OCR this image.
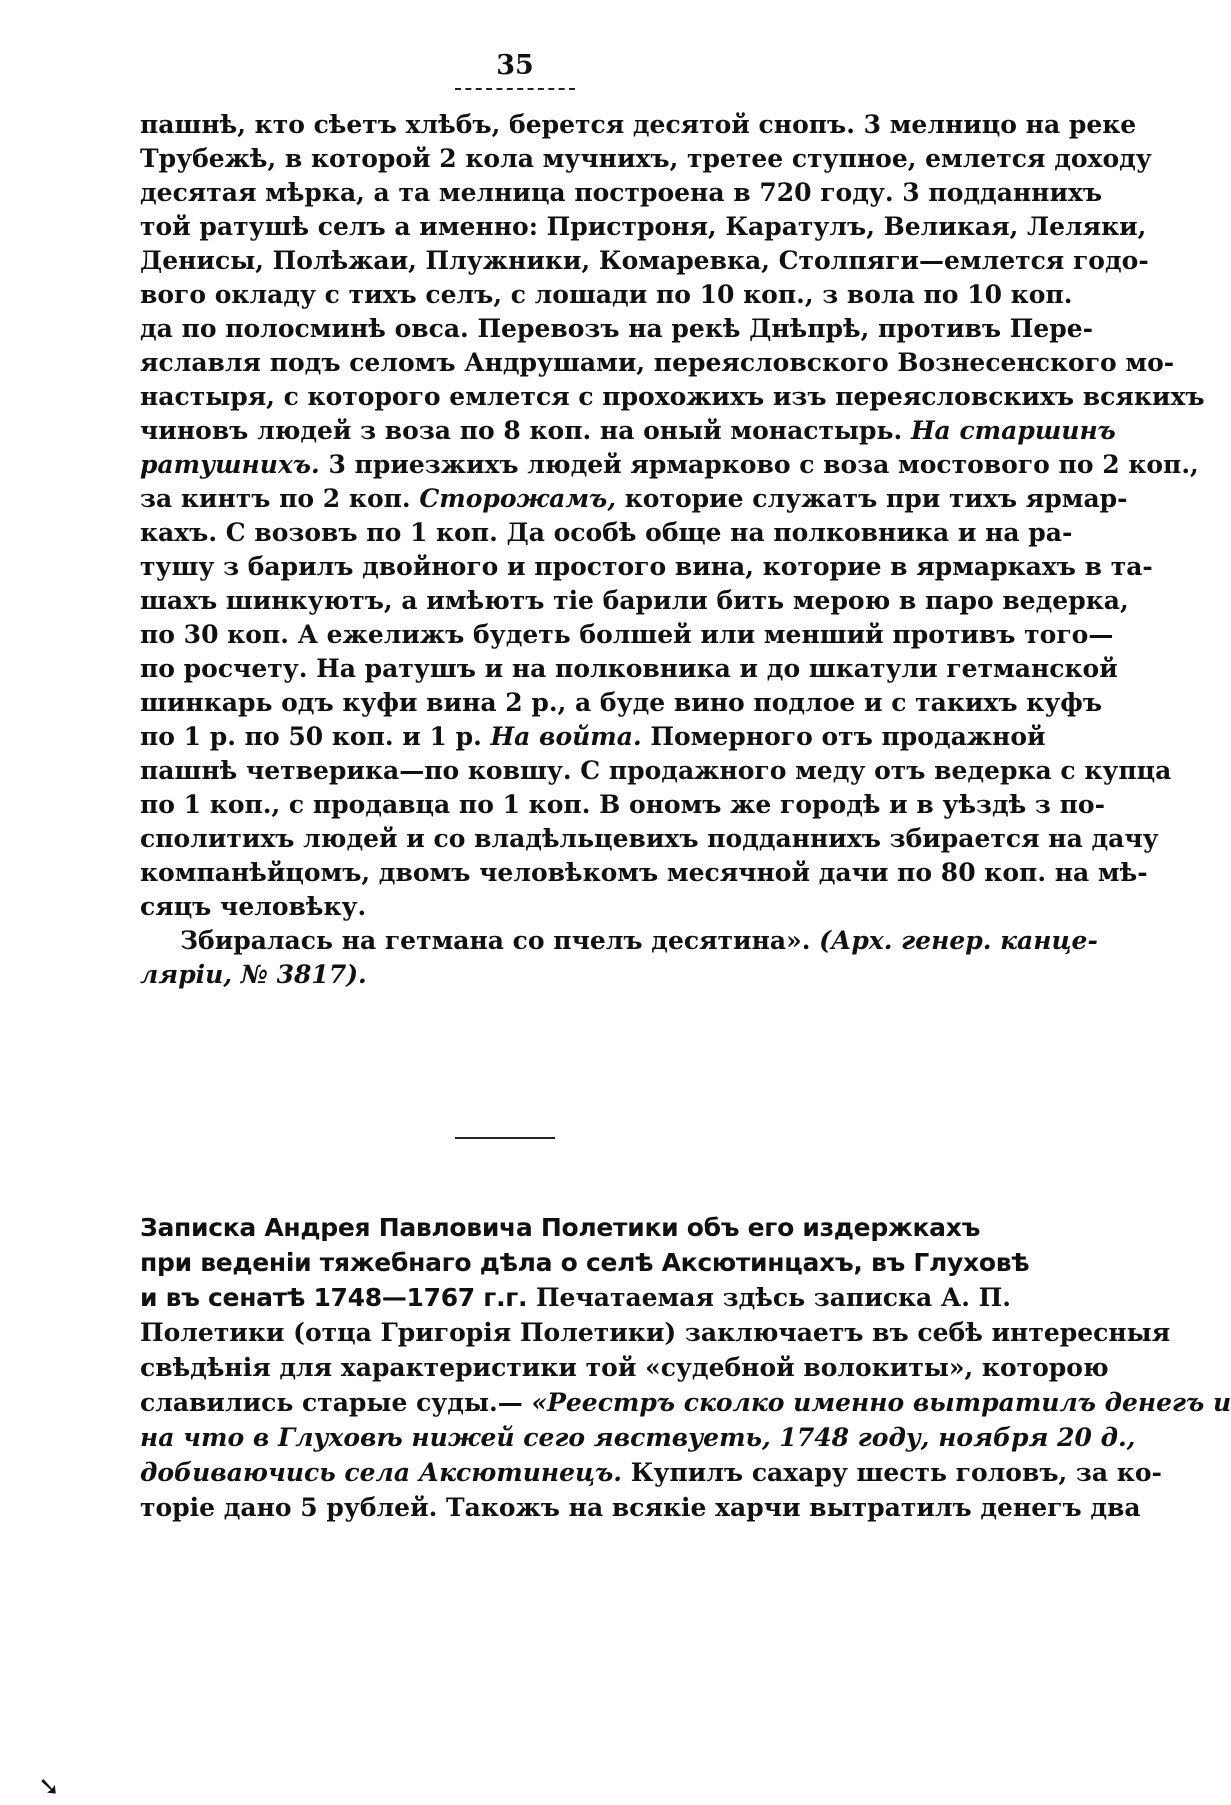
35
пашнѣ, кто сѣетъ хлѣбъ, берется десятой снопъ. 3 мелницо на реке
Трубежѣ, в которой 2 кола мучнихъ, третее ступное, емлется доходу
десятая мѣрка, а та мелница построена в 720 году. 3 подданнихъ
той ратушѣ селъ а именно: Пристроня, Каратулъ, Великая, Леляки,
Денисы, Полѣжаи, Плужники, Комаревка, Столпяги—емлется годо-
вого окладу с тихъ селъ, с лошади по 10 коп., з вола по 10 коп.
да по полосминѣ овса. Перевозъ на рекѣ Днѣпрѣ, противъ Пере-
яславля подъ селомъ Андрушами, переясловского Вознесенского мо-
настыря, с которого емлется с прохожихъ изъ переясловскихъ всякихъ
чиновъ людей з воза по 8 коп. на оный монастырь. На старшинъ
ратушнихъ. 3 приезжихъ людей ярмарково с воза мостового по 2 коп.,
за кинтъ по 2 коп. Сторожамъ, которие служатъ при тихъ ярмар-
кахъ. С возовъ по 1 коп. Да особѣ обще на полковника и на ра-
тушу з барилъ двойного и простого вина, которие в ярмаркахъ в та-
шахъ шинкуютъ, а имѣютъ тіе барили бить мерою в паро ведерка,
по 30 коп. А ежелижъ будеть болшей или менший противъ того—
по росчету. На ратушъ и на полковника и до шкатули гетманской
шинкарь одъ куфи вина 2 р., а буде вино подлое и с такихъ куфъ
по 1 р. по 50 коп. и 1 р. На войта. Померного отъ продажной
пашнѣ четверика—по ковшу. С продажного меду отъ ведерка с купца
по 1 коп., с продавца по 1 коп. В ономъ же городѣ и в уѣздѣ з по-
сполитихъ людей и со владѣльцевихъ подданнихъ збирается на дачу
компанѣйцомъ, двомъ человѣкомъ месячной дачи по 80 коп. на мѣ-
сяцъ человѣку.
Збиралась на гетмана со пчелъ десятина». (Арх. генер. канце-
ляріи, № 3817).
Записка Андрея Павловича Полетики объ его издержкахъ
при веденіи тяжебнаго дѣла о селѣ Аксютинцахъ, въ Глуховѣ
и въ сенатѣ 1748—1767 г.г. Печатаемая здѣсь записка А. П.
Полетики (отца Григорія Полетики) заключаетъ въ себѣ интересныя
свѣдѣнія для характеристики той «судебной волокиты», которою
славились старые суды.— «Реестръ сколко именно вытратилъ денегъ и
на что в Глуховѣ нижей сего явствуеть, 1748 году, ноября 20 д.,
добиваючись села Аксютинецъ. Купилъ сахару шесть головъ, за ко-
торіе дано 5 рублей. Такожъ на всякіе харчи вытратилъ денегъ два
➘
